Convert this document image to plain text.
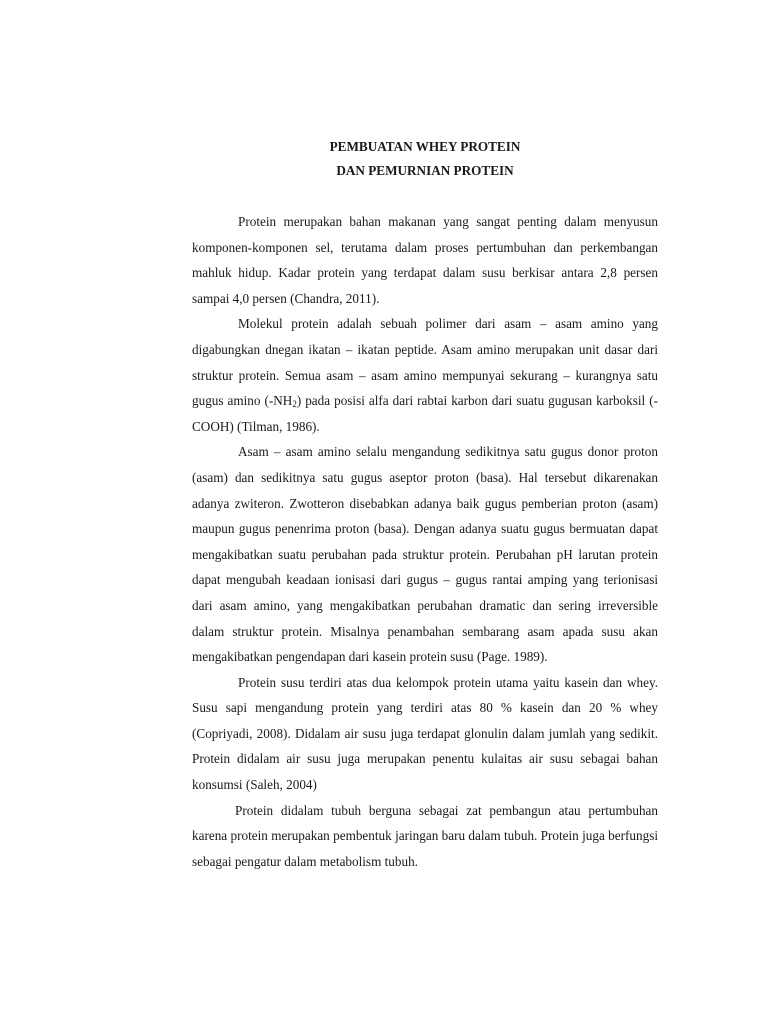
PEMBUATAN WHEY PROTEIN
DAN PEMURNIAN PROTEIN

Protein merupakan bahan makanan yang sangat penting dalam menyusun komponen-komponen sel, terutama dalam proses pertumbuhan dan perkembangan mahluk hidup. Kadar protein yang terdapat dalam susu berkisar antara 2,8 persen sampai 4,0 persen (Chandra, 2011).

Molekul protein adalah sebuah polimer dari asam – asam amino yang digabungkan dnegan ikatan – ikatan peptide. Asam amino merupakan unit dasar dari struktur protein. Semua asam – asam amino mempunyai sekurang – kurangnya satu gugus amino $(-NH_2)$ pada posisi alfa dari rabtai karbon dari suatu gugusan karboksil (-COOH) (Tilman, 1986).

Asam – asam amino selalu mengandung sedikitnya satu gugus donor proton (asam) dan sedikitnya satu gugus aseptor proton (basa). Hal tersebut dikarenakan adanya zwiteron. Zwotteron disebabkan adanya baik gugus pemberian proton (asam) maupun gugus penenrima proton (basa). Dengan adanya suatu gugus bermuatan dapat mengakibatkan suatu perubahan pada struktur protein. Perubahan pH larutan protein dapat mengubah keadaan ionisasi dari gugus – gugus rantai amping yang terionisasi dari asam amino, yang mengakibatkan perubahan dramatic dan sering irreversible dalam struktur protein. Misalnya penambahan sembarang asam apada susu akan mengakibatkan pengendapan dari kasein protein susu (Page. 1989).

Protein susu terdiri atas dua kelompok protein utama yaitu kasein dan whey. Susu sapi mengandung protein yang terdiri atas 80 % kasein dan 20 % whey (Copriyadi, 2008). Didalam air susu juga terdapat glonulin dalam jumlah yang sedikit. Protein didalam air susu juga merupakan penentu kulaitas air susu sebagai bahan konsumsi (Saleh, 2004)

Protein didalam tubuh berguna sebagai zat pembangun atau pertumbuhan karena protein merupakan pembentuk jaringan baru dalam tubuh. Protein juga berfungsi sebagai pengatur dalam metabolism tubuh.
